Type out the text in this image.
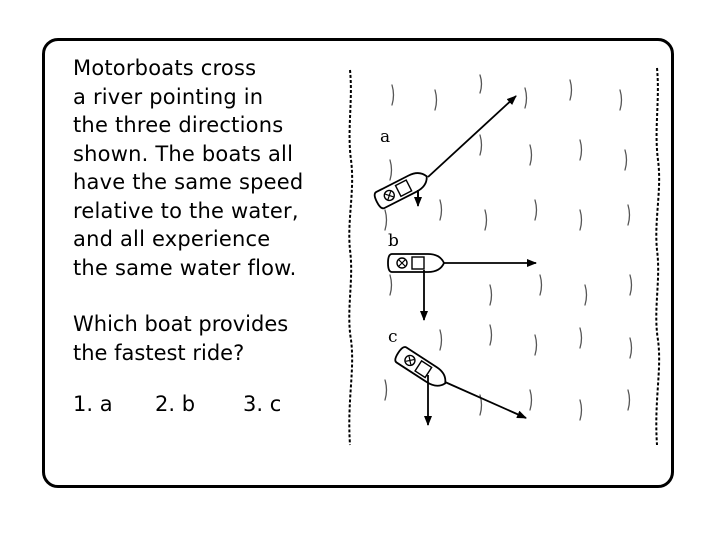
Motorboats cross
a river pointing in
the three directions
shown. The boats all
have the same speed
relative to the water,
and all experience
the same water flow.

Which boat provides
the fastest ride?

1. a 2. b 3. c
a
b
c
